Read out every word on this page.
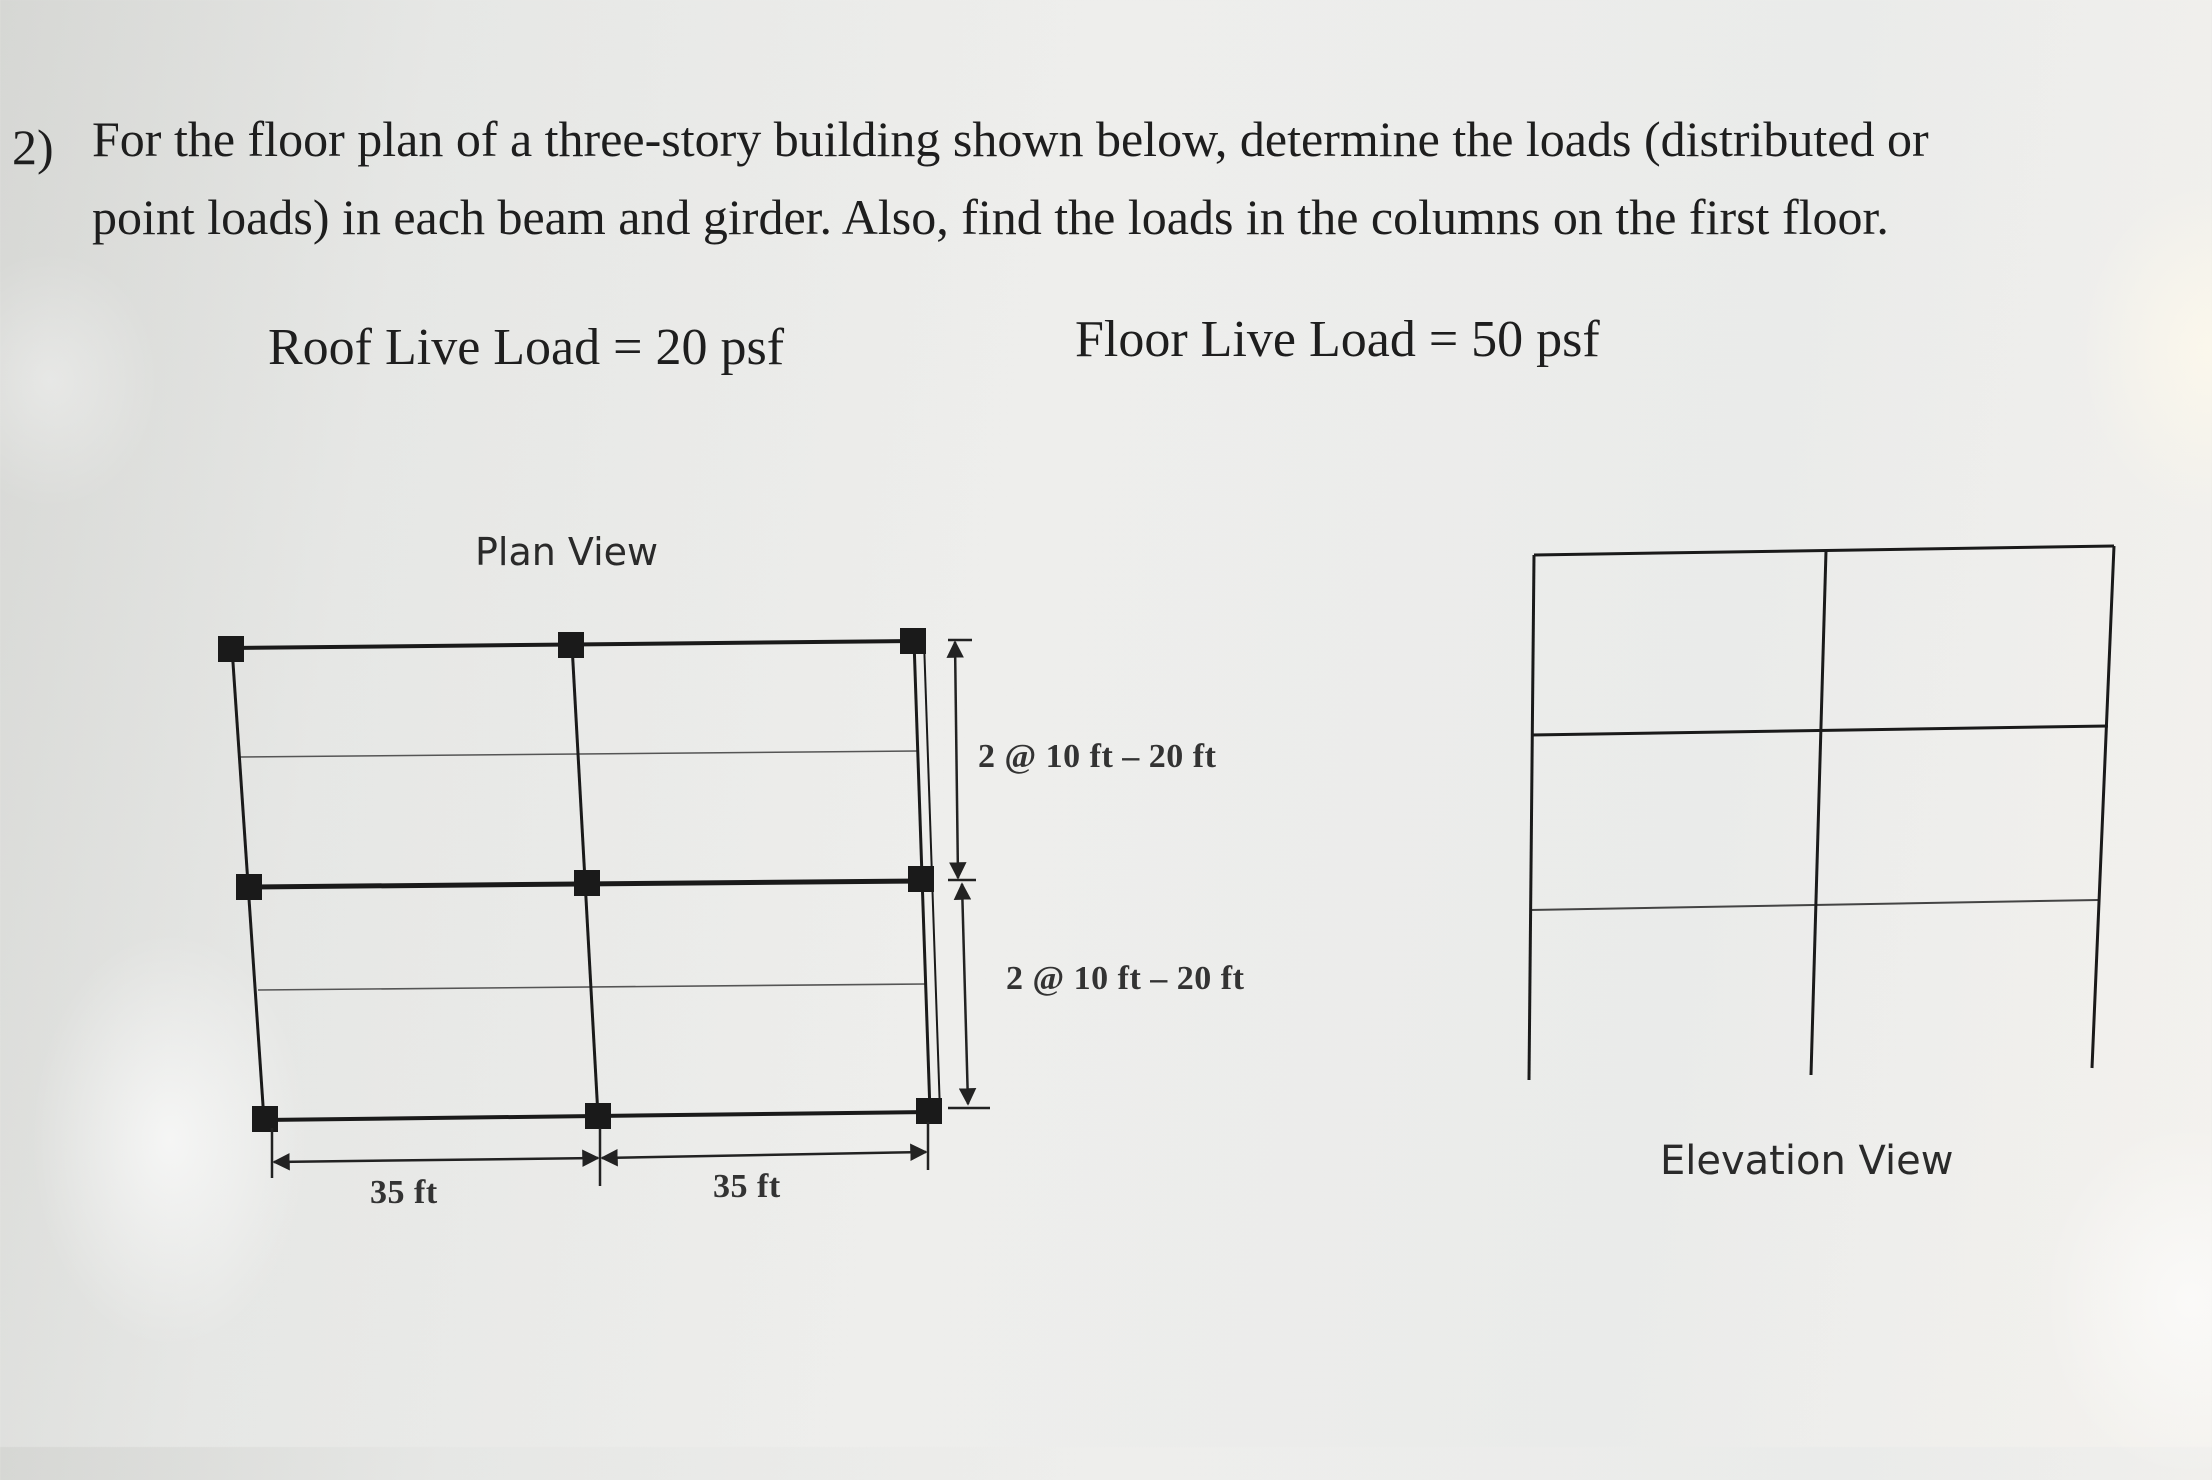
2) For the floor plan of a three-story building shown below, determine the loads (distributed or
point loads) in each beam and girder. Also, find the loads in the columns on the first floor.
Roof Live Load = 20 psf	Floor Live Load = 50 psf
Plan View
2 @ 10 ft – 20 ft
2 @ 10 ft – 20 ft
35 ft	35 ft
Elevation View
